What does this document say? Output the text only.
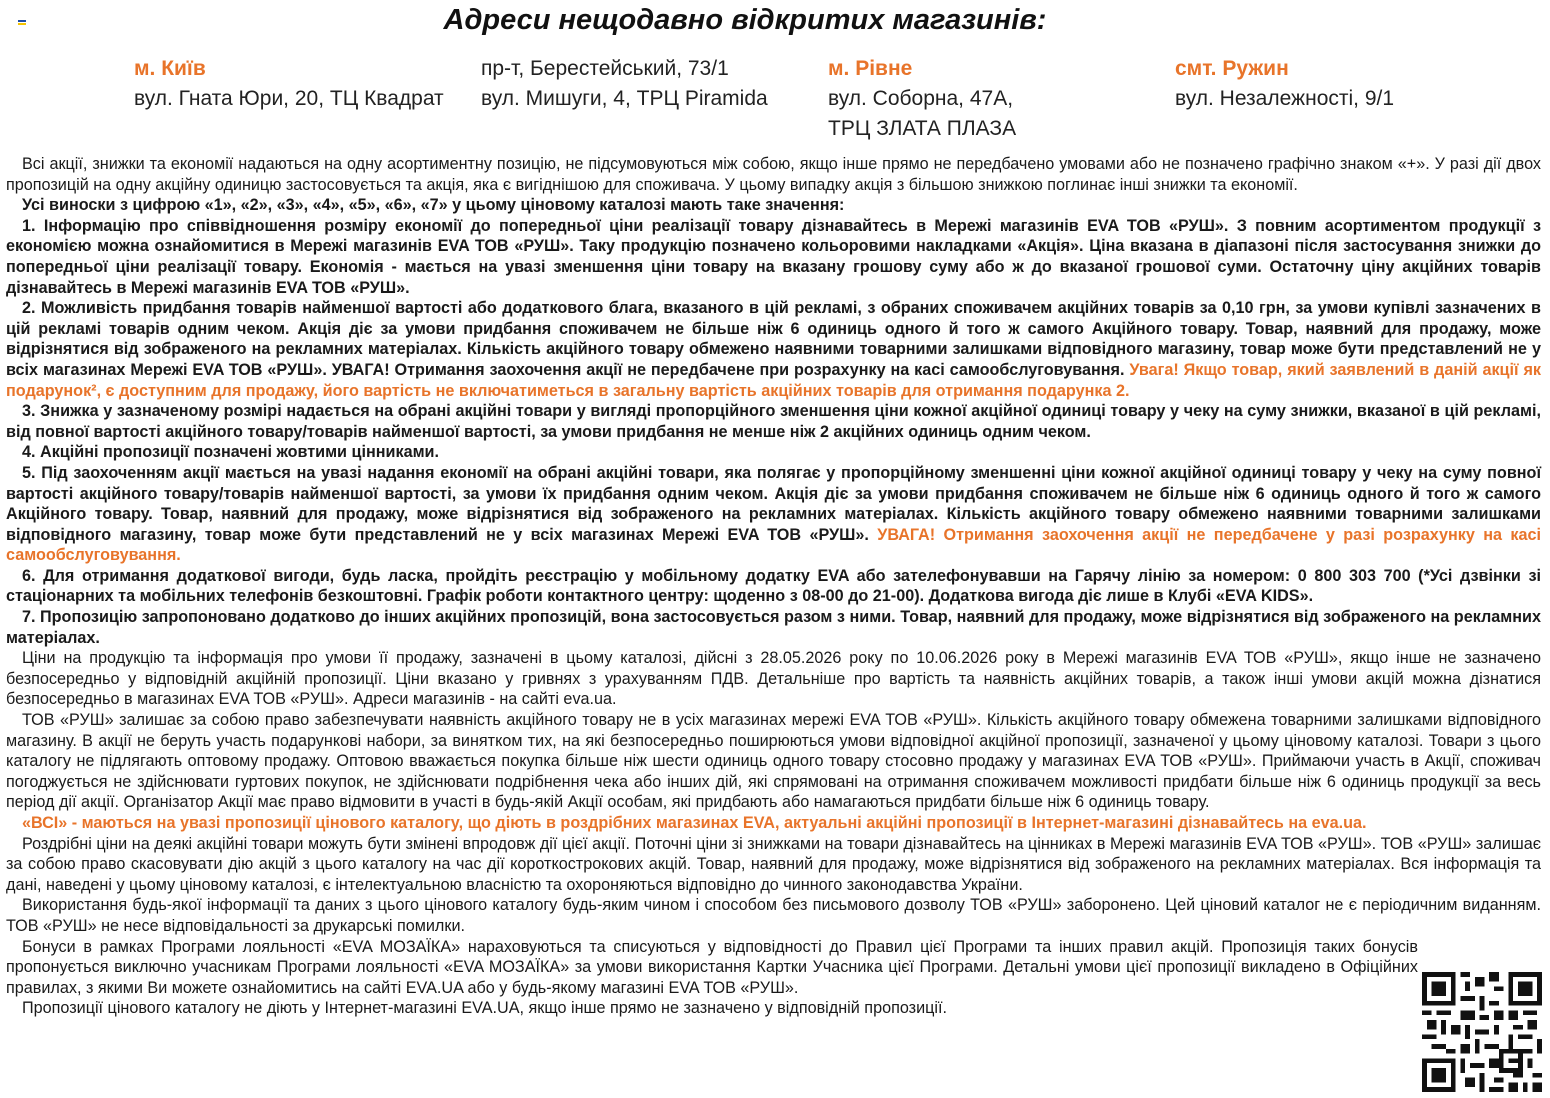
Адреси нещодавно відкритих магазинів:
м. Київ
вул. Гната Юри, 20, ТЦ Квадрат
пр-т, Берестейський, 73/1
вул. Мишуги, 4, ТРЦ Piramida
м. Рівне
вул. Соборна, 47А,
ТРЦ ЗЛАТА ПЛАЗА
смт. Ружин
вул. Незалежності, 9/1

Всі акції, знижки та економії надаються на одну асортиментну позицію, не підсумовуються між собою, якщо інше прямо не передбачено умовами або не позначено графічно знаком «+». У разі дії двох пропозицій на одну акційну одиницю застосовується та акція, яка є вигіднішою для споживача. У цьому випадку акція з більшою знижкою поглинає інші знижки та економії.

Усі виноски з цифрою «1», «2», «3», «4», «5», «6», «7» у цьому ціновому каталозі мають таке значення:

1. Інформацію про співвідношення розміру економії до попередньої ціни реалізації товару дізнавайтесь в Мережі магазинів EVA ТОВ «РУШ». З повним асортиментом продукції з економією можна ознайомитися в Мережі магазинів EVA ТОВ «РУШ». Таку продукцію позначено кольоровими накладками «Акція». Ціна вказана в діапазоні після застосування знижки до попередньої ціни реалізації товару. Економія - мається на увазі зменшення ціни товару на вказану грошову суму або ж до вказаної грошової суми. Остаточну ціну акційних товарів дізнавайтесь в Мережі магазинів EVA ТОВ «РУШ».

2. Можливість придбання товарів найменшої вартості або додаткового блага, вказаного в цій рекламі, з обраних споживачем акційних товарів за 0,10 грн, за умови купівлі зазначених в цій рекламі товарів одним чеком. Акція діє за умови придбання споживачем не більше ніж 6 одиниць одного й того ж самого Акційного товару. Товар, наявний для продажу, може відрізнятися від зображеного на рекламних матеріалах. Кількість акційного товару обмежено наявними товарними залишками відповідного магазину, товар може бути представлений не у всіх магазинах Мережі EVA ТОВ «РУШ». УВАГА! Отримання заохочення акції не передбачене при розрахунку на касі самообслуговування. Увага! Якщо товар, який заявлений в даній акції як подарунок², є доступним для продажу, його вартість не включатиметься в загальну вартість акційних товарів для отримання подарунка 2.

3. Знижка у зазначеному розмірі надається на обрані акційні товари у вигляді пропорційного зменшення ціни кожної акційної одиниці товару у чеку на суму знижки, вказаної в цій рекламі, від повної вартості акційного товару/товарів найменшої вартості, за умови придбання не менше ніж 2 акційних одиниць одним чеком.

4. Акційні пропозиції позначені жовтими цінниками.

5. Під заохоченням акції мається на увазі надання економії на обрані акційні товари, яка полягає у пропорційному зменшенні ціни кожної акційної одиниці товару у чеку на суму повної вартості акційного товару/товарів найменшої вартості, за умови їх придбання одним чеком. Акція діє за умови придбання споживачем не більше ніж 6 одиниць одного й того ж самого Акційного товару. Товар, наявний для продажу, може відрізнятися від зображеного на рекламних матеріалах. Кількість акційного товару обмежено наявними товарними залишками відповідного магазину, товар може бути представлений не у всіх магазинах Мережі EVA ТОВ «РУШ». УВАГА! Отримання заохочення акції не передбачене у разі розрахунку на касі самообслуговування.

6. Для отримання додаткової вигоди, будь ласка, пройдіть реєстрацію у мобільному додатку EVA або зателефонувавши на Гарячу лінію за номером: 0 800 303 700 (*Усі дзвінки зі стаціонарних та мобільних телефонів безкоштовні. Графік роботи контактного центру: щоденно з 08-00 до 21-00). Додаткова вигода діє лише в Клубі «EVA KIDS».

7. Пропозицію запропоновано додатково до інших акційних пропозицій, вона застосовується разом з ними. Товар, наявний для продажу, може відрізнятися від зображеного на рекламних матеріалах.

Ціни на продукцію та інформація про умови її продажу, зазначені в цьому каталозі, дійсні з 28.05.2026 року по 10.06.2026 року в Мережі магазинів EVA ТОВ «РУШ», якщо інше не зазначено безпосередньо у відповідній акційній пропозиції. Ціни вказано у гривнях з урахуванням ПДВ. Детальніше про вартість та наявність акційних товарів, а також інші умови акцій можна дізнатися безпосередньо в магазинах EVA ТОВ «РУШ». Адреси магазинів - на сайті eva.ua.

ТОВ «РУШ» залишає за собою право забезпечувати наявність акційного товару не в усіх магазинах мережі EVA ТОВ «РУШ». Кількість акційного товару обмежена товарними залишками відповідного магазину. В акції не беруть участь подарункові набори, за винятком тих, на які безпосередньо поширюються умови відповідної акційної пропозиції, зазначеної у цьому ціновому каталозі. Товари з цього каталогу не підлягають оптовому продажу. Оптовою вважається покупка більше ніж шести одиниць одного товару стосовно продажу у магазинах EVA ТОВ «РУШ». Приймаючи участь в Акції, споживач погоджується не здійснювати гуртових покупок, не здійснювати подрібнення чека або інших дій, які спрямовані на отримання споживачем можливості придбати більше ніж 6 одиниць продукції за весь період дії акції. Організатор Акції має право відмовити в участі в будь-якій Акції особам, які придбають або намагаються придбати більше ніж 6 одиниць товару.

«ВСІ» - маються на увазі пропозиції цінового каталогу, що діють в роздрібних магазинах EVA, актуальні акційні пропозиції в Інтернет-магазині дізнавайтесь на eva.ua.

Роздрібні ціни на деякі акційні товари можуть бути змінені впродовж дії цієї акції. Поточні ціни зі знижками на товари дізнавайтесь на цінниках в Мережі магазинів EVA ТОВ «РУШ». ТОВ «РУШ» залишає за собою право скасовувати дію акцій з цього каталогу на час дії короткострокових акцій. Товар, наявний для продажу, може відрізнятися від зображеного на рекламних матеріалах. Вся інформація та дані, наведені у цьому ціновому каталозі, є інтелектуальною власністю та охороняються відповідно до чинного законодавства України.

Використання будь-якої інформації та даних з цього цінового каталогу будь-яким чином і способом без письмового дозволу ТОВ «РУШ» заборонено. Цей ціновий каталог не є періодичним виданням. ТОВ «РУШ» не несе відповідальності за друкарські помилки.

Бонуси в рамках Програми лояльності «EVA МОЗАЇКА» нараховуються та списуються у відповідності до Правил цієї Програми та інших правил акцій. Пропозиція таких бонусів пропонується виключно учасникам Програми лояльності «EVA МОЗАЇКА» за умови використання Картки Учасника цієї Програми. Детальні умови цієї пропозиції викладено в Офіційних правилах, з якими Ви можете ознайомитись на сайті EVA.UA або у будь-якому магазині EVA ТОВ «РУШ».

Пропозиції цінового каталогу не діють у Інтернет-магазині EVA.UA, якщо інше прямо не зазначено у відповідній пропозиції.
